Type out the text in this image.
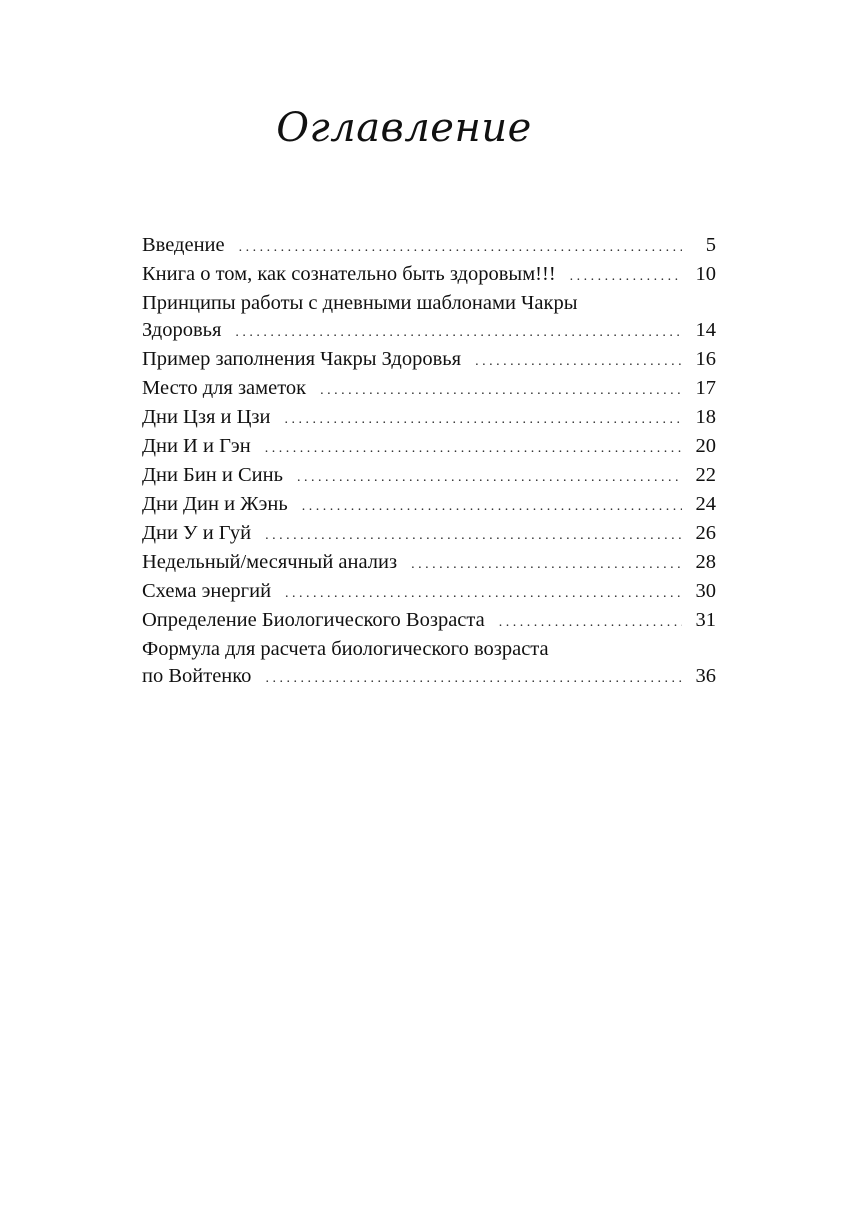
Оглавление
Введение . . .	5
Книга о том, как сознательно быть здоровым!!! . . .	10
Принципы работы с дневными шаблонами Чакры
Здоровья . . .	14
Пример заполнения Чакры Здоровья . . .	16
Место для заметок . . .	17
Дни Цзя и Цзи . . .	18
Дни И и Гэн . . .	20
Дни Бин и Синь . . .	22
Дни Дин и Жэнь . . .	24
Дни У и Гуй . . .	26
Недельный/месячный анализ . . .	28
Схема энергий . . .	30
Определение Биологического Возраста . . .	31
Формула для расчета биологического возраста
по Войтенко . . .	36
